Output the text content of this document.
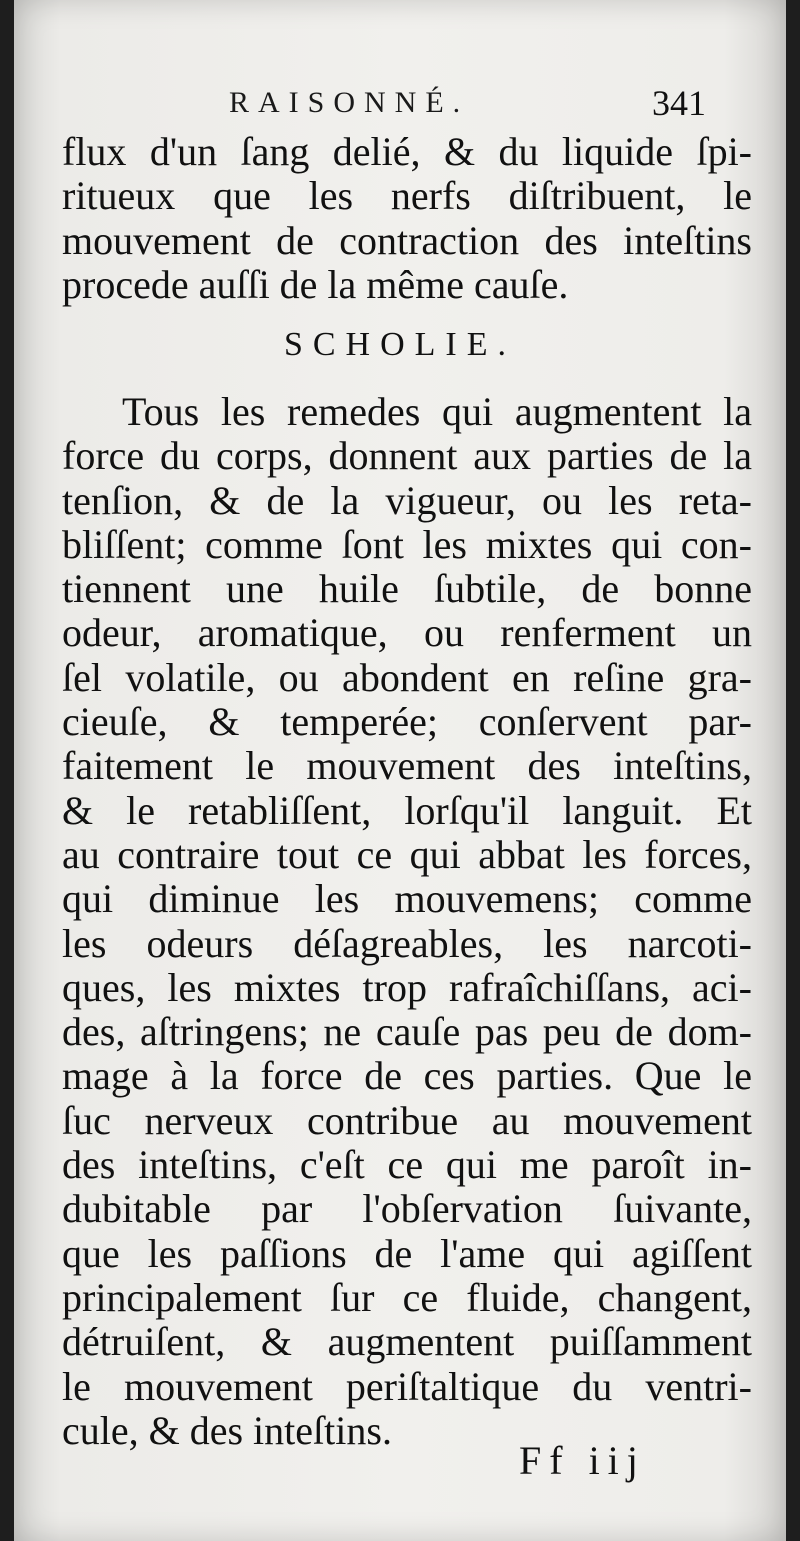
RAISONNÉ.	341
flux d'un ſang delié, & du liquide ſpi-
ritueux que les nerfs diſtribuent, le
mouvement de contraction des inteſtins
procede auſſi de la même cauſe.
SCHOLIE.
Tous les remedes qui augmentent la
force du corps, donnent aux parties de la
tenſion, & de la vigueur, ou les reta-
bliſſent; comme ſont les mixtes qui con-
tiennent une huile ſubtile, de bonne
odeur, aromatique, ou renferment un
ſel volatile, ou abondent en reſine gra-
cieuſe, & temperée; conſervent par-
faitement le mouvement des inteſtins,
& le retabliſſent, lorſqu'il languit. Et
au contraire tout ce qui abbat les forces,
qui diminue les mouvemens; comme
les odeurs déſagreables, les narcoti-
ques, les mixtes trop rafraîchiſſans, aci-
des, aſtringens; ne cauſe pas peu de dom-
mage à la force de ces parties. Que le
ſuc nerveux contribue au mouvement
des inteſtins, c'eſt ce qui me paroît in-
dubitable par l'obſervation ſuivante,
que les paſſions de l'ame qui agiſſent
principalement ſur ce fluide, changent,
détruiſent, & augmentent puiſſamment
le mouvement periſtaltique du ventri-
cule, & des inteſtins.
Ff iij
